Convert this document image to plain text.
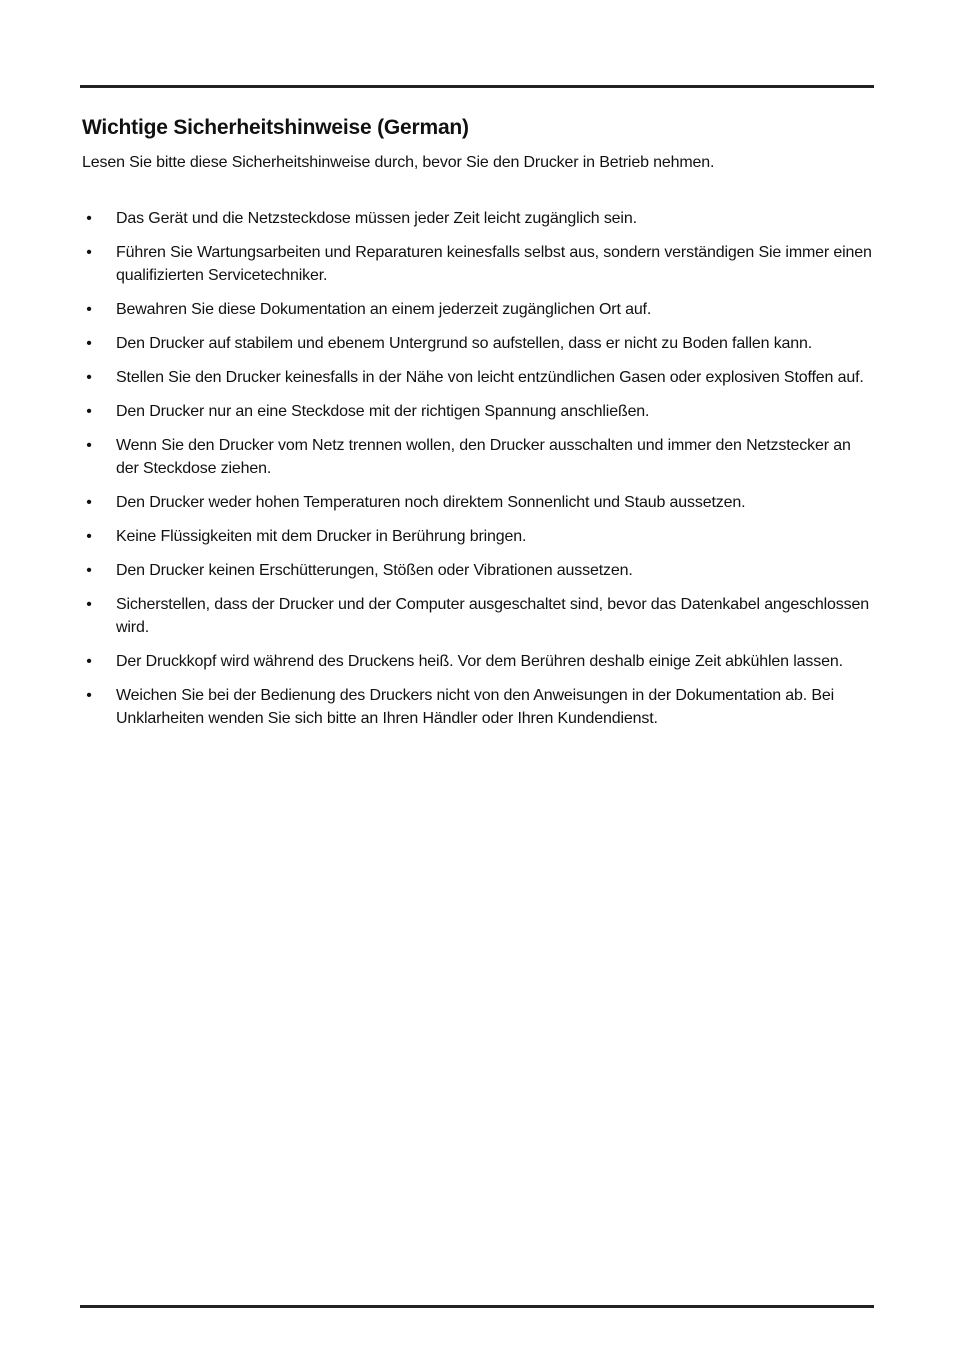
Wichtige Sicherheitshinweise (German)

Lesen Sie bitte diese Sicherheitshinweise durch, bevor Sie den Drucker in Betrieb nehmen.

• Das Gerät und die Netzsteckdose müssen jeder Zeit leicht zugänglich sein.
• Führen Sie Wartungsarbeiten und Reparaturen keinesfalls selbst aus, sondern verständigen Sie immer einen qualifizierten Servicetechniker.
• Bewahren Sie diese Dokumentation an einem jederzeit zugänglichen Ort auf.
• Den Drucker auf stabilem und ebenem Untergrund so aufstellen, dass er nicht zu Boden fallen kann.
• Stellen Sie den Drucker keinesfalls in der Nähe von leicht entzündlichen Gasen oder explosiven Stoffen auf.
• Den Drucker nur an eine Steckdose mit der richtigen Spannung anschließen.
• Wenn Sie den Drucker vom Netz trennen wollen, den Drucker ausschalten und immer den Netzstecker an der Steckdose ziehen.
• Den Drucker weder hohen Temperaturen noch direktem Sonnenlicht und Staub aussetzen.
• Keine Flüssigkeiten mit dem Drucker in Berührung bringen.
• Den Drucker keinen Erschütterungen, Stößen oder Vibrationen aussetzen.
• Sicherstellen, dass der Drucker und der Computer ausgeschaltet sind, bevor das Datenkabel angeschlossen wird.
• Der Druckkopf wird während des Druckens heiß. Vor dem Berühren deshalb einige Zeit abkühlen lassen.
• Weichen Sie bei der Bedienung des Druckers nicht von den Anweisungen in der Dokumentation ab. Bei Unklarheiten wenden Sie sich bitte an Ihren Händler oder Ihren Kundendienst.
